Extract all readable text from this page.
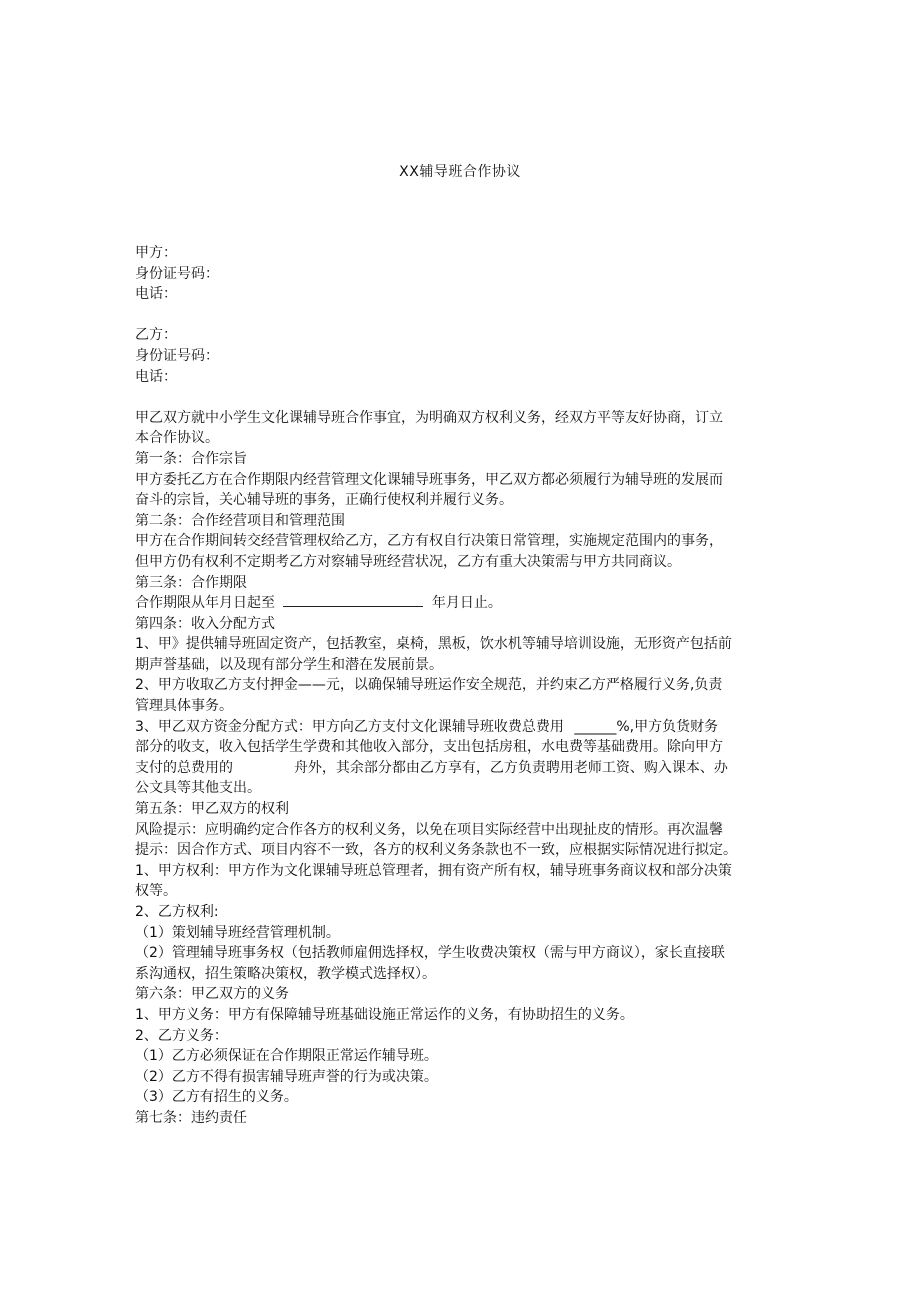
XX辅导班合作协议
甲方：
身份证号码：
电话：
乙方：
身份证号码：
电话：
甲乙双方就中小学生文化课辅导班合作事宜，为明确双方权利义务，经双方平等友好协商，订立
本合作协议。
第一条：合作宗旨
甲方委托乙方在合作期限内经营管理文化课辅导班事务，甲乙双方都必须履行为辅导班的发展而
奋斗的宗旨，关心辅导班的事务，正确行使权利并履行义务。
第二条：合作经营项目和管理范围
甲方在合作期间转交经营管理权给乙方，乙方有权自行决策日常管理，实施规定范围内的事务，
但甲方仍有权利不定期考乙方对察辅导班经营状况，乙方有重大决策需与甲方共同商议。
第三条：合作期限
合作期限从年月日起至	年月日止。
第四条：收入分配方式
1、甲》提供辅导班固定资产，包括教室，桌椅，黑板，饮水机等辅导培训设施，无形资产包括前
期声誉基础，以及现有部分学生和潜在发展前景。
2、甲方收取乙方支付押金——元，以确保辅导班运作安全规范，并约束乙方严格履行义务,负责
管理具体事务。
3、甲乙双方资金分配方式：甲方向乙方支付文化课辅导班收费总费用 ______%,甲方负货财务
部分的收支，收入包括学生学费和其他收入部分，支出包括房租，水电费等基础费用。除向甲方
支付的总费用的	舟外，其余部分都由乙方享有，乙方负责聘用老师工资、购入课本、办
公文具等其他支出。
第五条：甲乙双方的权利
风险提示：应明确约定合作各方的权利义务，以免在项目实际经营中出现扯皮的情形。再次温馨
提示：因合作方式、项目内容不一致，各方的权利义务条款也不一致，应根据实际情况进行拟定。
1、甲方权利：甲方作为文化课辅导班总管理者，拥有资产所有权，辅导班事务商议权和部分决策
权等。
2、乙方权利:
（1）策划辅导班经营管理机制。
（2）管理辅导班事务权（包括教师雇佣选择权，学生收费决策权（需与甲方商议），家长直接联
系沟通权，招生策略决策权，教学模式选择权）。
第六条：甲乙双方的义务
1、甲方义务：甲方有保障辅导班基础设施正常运作的义务，有协助招生的义务。
2、乙方义务：
（1）乙方必须保证在合作期限正常运作辅导班。
（2）乙方不得有损害辅导班声誉的行为或决策。
（3）乙方有招生的义务。
第七条：违约责任
